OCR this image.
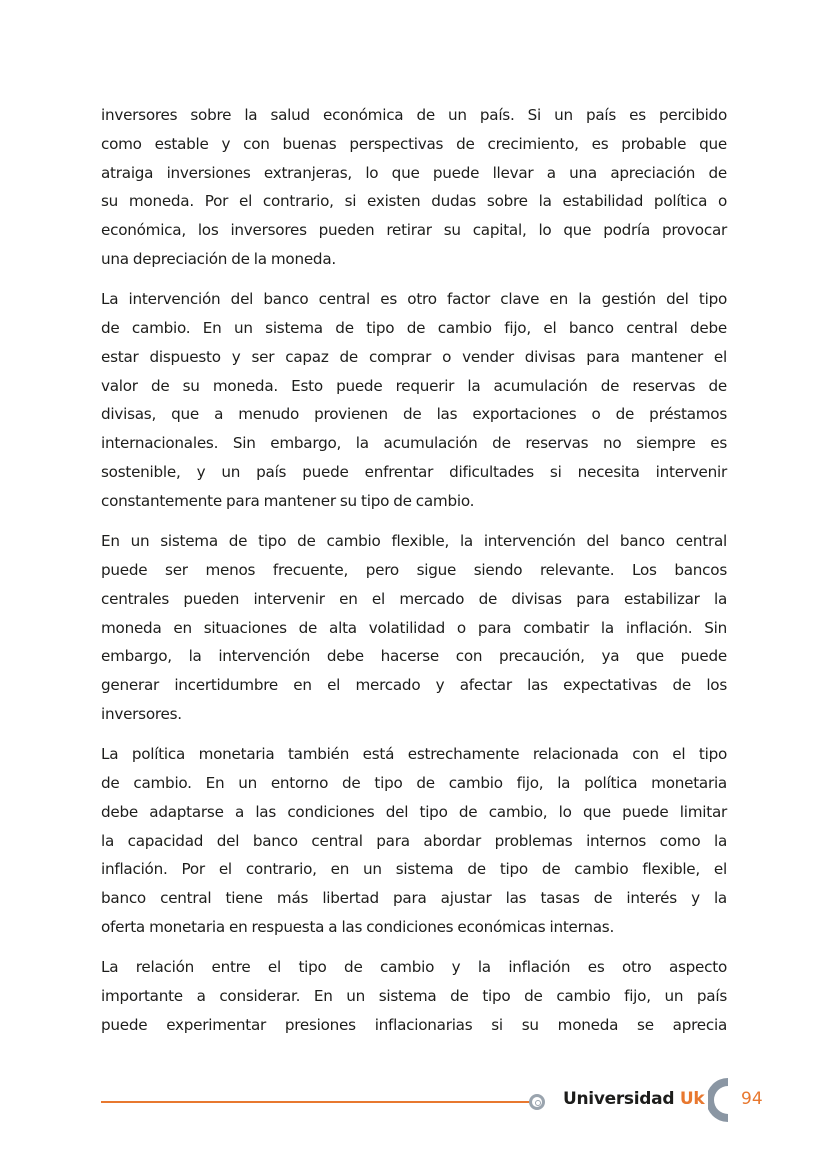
inversores sobre la salud económica de un país. Si un país es percibido
como estable y con buenas perspectivas de crecimiento, es probable que
atraiga inversiones extranjeras, lo que puede llevar a una apreciación de
su moneda. Por el contrario, si existen dudas sobre la estabilidad política o
económica, los inversores pueden retirar su capital, lo que podría provocar
una depreciación de la moneda.
La intervención del banco central es otro factor clave en la gestión del tipo
de cambio. En un sistema de tipo de cambio fijo, el banco central debe
estar dispuesto y ser capaz de comprar o vender divisas para mantener el
valor de su moneda. Esto puede requerir la acumulación de reservas de
divisas, que a menudo provienen de las exportaciones o de préstamos
internacionales. Sin embargo, la acumulación de reservas no siempre es
sostenible, y un país puede enfrentar dificultades si necesita intervenir
constantemente para mantener su tipo de cambio.
En un sistema de tipo de cambio flexible, la intervención del banco central
puede ser menos frecuente, pero sigue siendo relevante. Los bancos
centrales pueden intervenir en el mercado de divisas para estabilizar la
moneda en situaciones de alta volatilidad o para combatir la inflación. Sin
embargo, la intervención debe hacerse con precaución, ya que puede
generar incertidumbre en el mercado y afectar las expectativas de los
inversores.
La política monetaria también está estrechamente relacionada con el tipo
de cambio. En un entorno de tipo de cambio fijo, la política monetaria
debe adaptarse a las condiciones del tipo de cambio, lo que puede limitar
la capacidad del banco central para abordar problemas internos como la
inflación. Por el contrario, en un sistema de tipo de cambio flexible, el
banco central tiene más libertad para ajustar las tasas de interés y la
oferta monetaria en respuesta a las condiciones económicas internas.
La relación entre el tipo de cambio y la inflación es otro aspecto
importante a considerar. En un sistema de tipo de cambio fijo, un país
puede experimentar presiones inflacionarias si su moneda se aprecia
Universidad Uk 94
